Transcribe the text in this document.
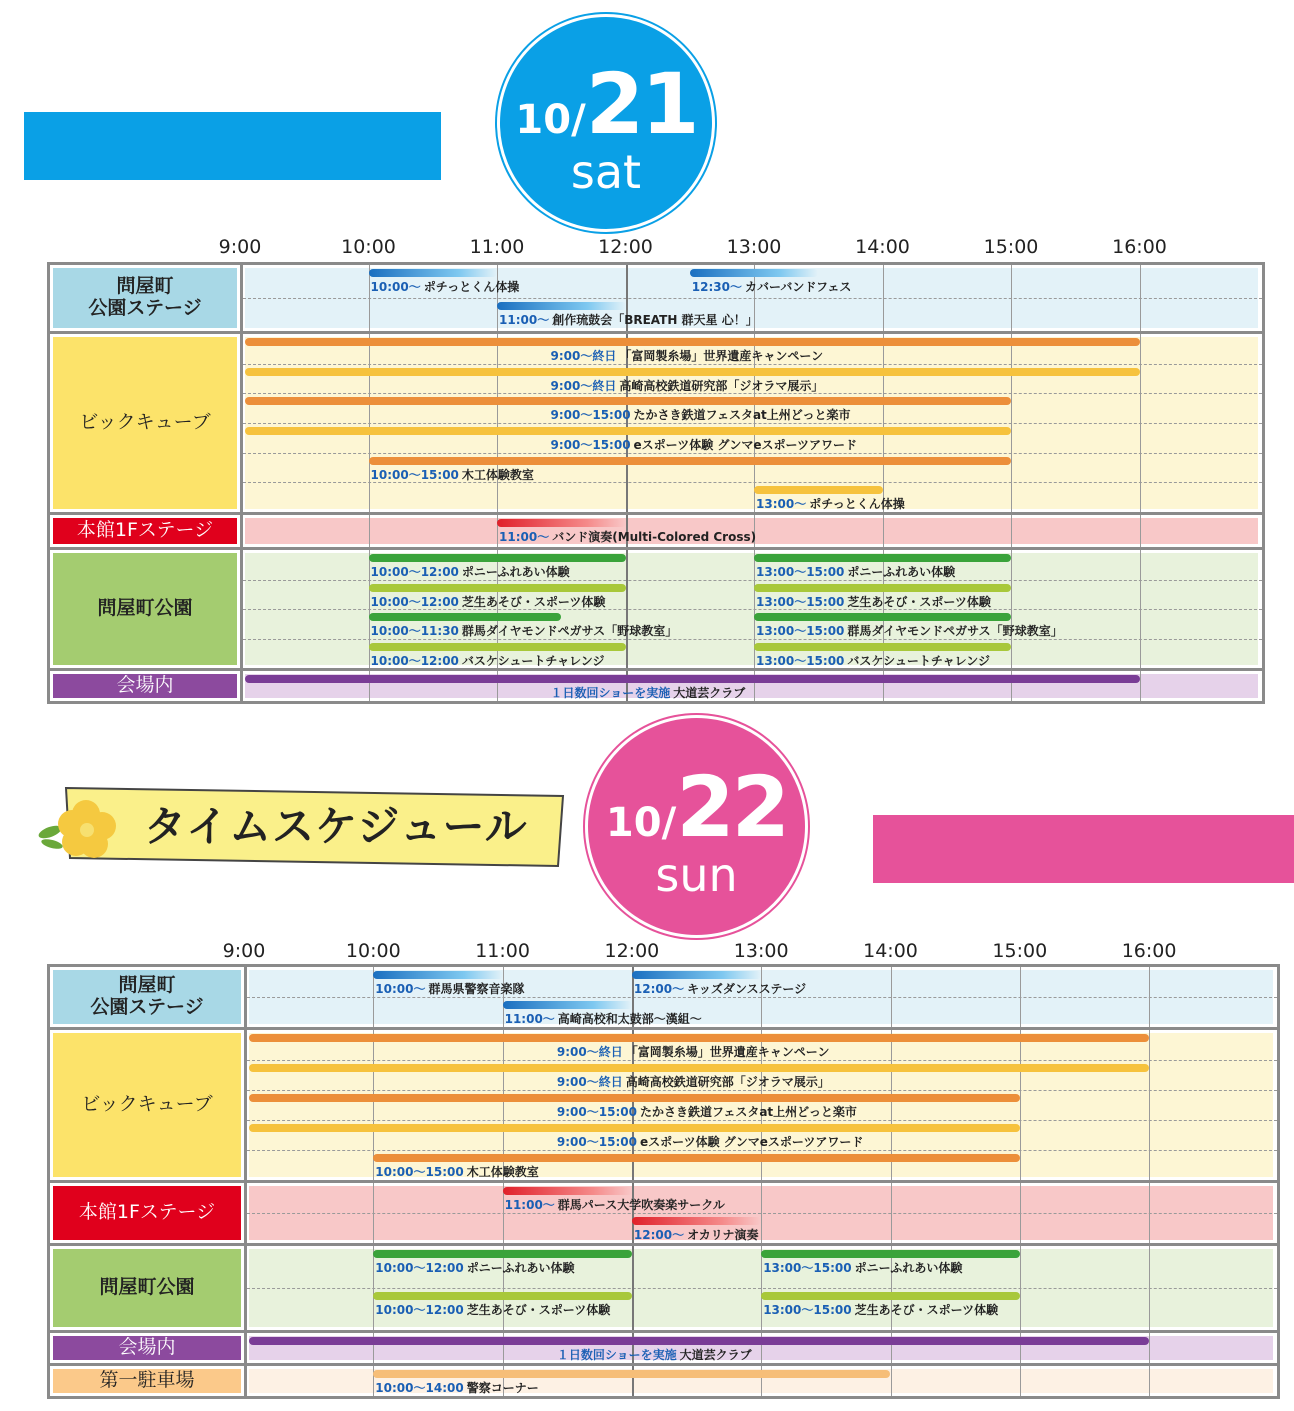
10/21
sat
タイムスケジュール	10/22
sun
9:00	10:00	11:00	12:00	13:00	14:00	15:00	16:00
問屋町
公園ステージ
10:00～ ポチっとくん体操	12:30～ カバーバンドフェス
11:00～ 創作琉鼓会「BREATH 群天星 心！」
ビックキューブ
9:00～終日 「富岡製糸場」世界遺産キャンペーン
9:00～終日 高崎高校鉄道研究部「ジオラマ展示」
9:00～15:00 たかさき鉄道フェスタat上州どっと楽市
9:00～15:00 eスポーツ体験 グンマeスポーツアワード
10:00～15:00 木工体験教室
13:00～ ポチっとくん体操
本館1Fステージ	11:00～ バンド演奏(Multi-Colored Cross)
問屋町公園
10:00～12:00 ポニーふれあい体験	13:00～15:00 ポニーふれあい体験
10:00～12:00 芝生あそび・スポーツ体験	13:00～15:00 芝生あそび・スポーツ体験
10:00～11:30 群馬ダイヤモンドペガサス「野球教室」	13:00～15:00 群馬ダイヤモンドペガサス「野球教室」
10:00～12:00 バスケシュートチャレンジ	13:00～15:00 バスケシュートチャレンジ
会場内	１日数回ショーを実施 大道芸クラブ
9:00	10:00	11:00	12:00	13:00	14:00	15:00	16:00
問屋町
公園ステージ
10:00～ 群馬県警察音楽隊	12:00～ キッズダンスステージ
11:00～ 高崎高校和太鼓部～漢組～
ビックキューブ
9:00～終日 「富岡製糸場」世界遺産キャンペーン
9:00～終日 高崎高校鉄道研究部「ジオラマ展示」
9:00～15:00 たかさき鉄道フェスタat上州どっと楽市
9:00～15:00 eスポーツ体験 グンマeスポーツアワード
10:00～15:00 木工体験教室
本館1Fステージ	11:00～ 群馬パース大学吹奏楽サークル
12:00～ オカリナ演奏
問屋町公園
10:00～12:00 ポニーふれあい体験	13:00～15:00 ポニーふれあい体験
10:00～12:00 芝生あそび・スポーツ体験	13:00～15:00 芝生あそび・スポーツ体験
会場内	１日数回ショーを実施 大道芸クラブ
第一駐車場	10:00～14:00 警察コーナー
